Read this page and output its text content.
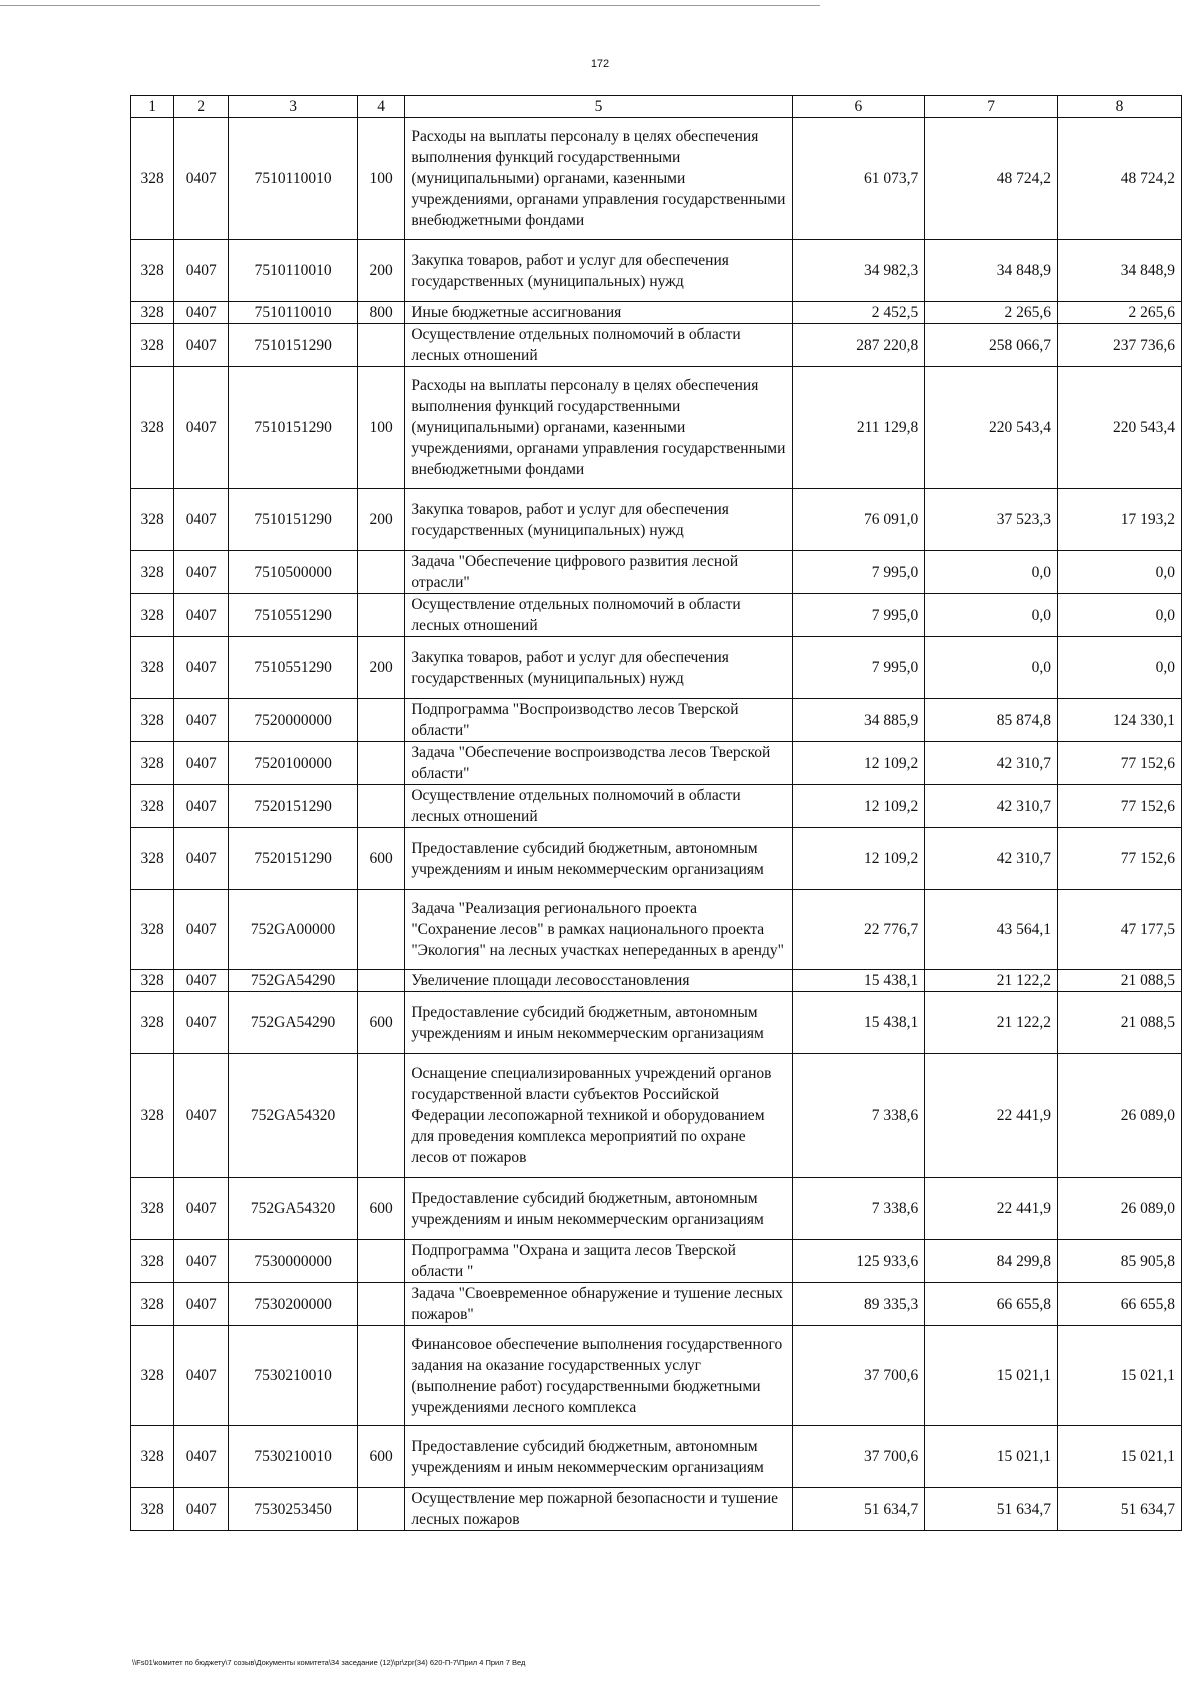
172
1	2	3	4	5	6	7	8
328	0407	7510110010	100	Расходы на выплаты персоналу в целях обеспечения выполнения функций государственными (муниципальными) органами, казенными учреждениями, органами управления государственными внебюджетными фондами	61 073,7	48 724,2	48 724,2
328	0407	7510110010	200	Закупка товаров, работ и услуг для обеспечения государственных (муниципальных) нужд	34 982,3	34 848,9	34 848,9
328	0407	7510110010	800	Иные бюджетные ассигнования	2 452,5	2 265,6	2 265,6
328	0407	7510151290		Осуществление отдельных полномочий в области лесных отношений	287 220,8	258 066,7	237 736,6
328	0407	7510151290	100	Расходы на выплаты персоналу в целях обеспечения выполнения функций государственными (муниципальными) органами, казенными учреждениями, органами управления государственными внебюджетными фондами	211 129,8	220 543,4	220 543,4
328	0407	7510151290	200	Закупка товаров, работ и услуг для обеспечения государственных (муниципальных) нужд	76 091,0	37 523,3	17 193,2
328	0407	7510500000		Задача "Обеспечение цифрового развития лесной отрасли"	7 995,0	0,0	0,0
328	0407	7510551290		Осуществление отдельных полномочий в области лесных отношений	7 995,0	0,0	0,0
328	0407	7510551290	200	Закупка товаров, работ и услуг для обеспечения государственных (муниципальных) нужд	7 995,0	0,0	0,0
328	0407	7520000000		Подпрограмма "Воспроизводство лесов Тверской области"	34 885,9	85 874,8	124 330,1
328	0407	7520100000		Задача "Обеспечение воспроизводства лесов Тверской области"	12 109,2	42 310,7	77 152,6
328	0407	7520151290		Осуществление отдельных полномочий в области лесных отношений	12 109,2	42 310,7	77 152,6
328	0407	7520151290	600	Предоставление субсидий бюджетным, автономным учреждениям и иным некоммерческим организациям	12 109,2	42 310,7	77 152,6
328	0407	752GA00000		Задача "Реализация регионального проекта "Сохранение лесов" в рамках национального проекта "Экология" на лесных участках непереданных в аренду"	22 776,7	43 564,1	47 177,5
328	0407	752GA54290		Увеличение площади лесовосстановления	15 438,1	21 122,2	21 088,5
328	0407	752GA54290	600	Предоставление субсидий бюджетным, автономным учреждениям и иным некоммерческим организациям	15 438,1	21 122,2	21 088,5
328	0407	752GA54320		Оснащение специализированных учреждений органов государственной власти субъектов Российской Федерации лесопожарной техникой и оборудованием для проведения комплекса мероприятий по охране лесов от пожаров	7 338,6	22 441,9	26 089,0
328	0407	752GA54320	600	Предоставление субсидий бюджетным, автономным учреждениям и иным некоммерческим организациям	7 338,6	22 441,9	26 089,0
328	0407	7530000000		Подпрограмма "Охрана и защита лесов Тверской области "	125 933,6	84 299,8	85 905,8
328	0407	7530200000		Задача "Своевременное обнаружение и тушение лесных пожаров"	89 335,3	66 655,8	66 655,8
328	0407	7530210010		Финансовое обеспечение выполнения государственного задания на оказание государственных услуг (выполнение работ) государственными бюджетными учреждениями лесного комплекса	37 700,6	15 021,1	15 021,1
328	0407	7530210010	600	Предоставление субсидий бюджетным, автономным учреждениям и иным некоммерческим организациям	37 700,6	15 021,1	15 021,1
328	0407	7530253450		Осуществление мер пожарной безопасности и тушение лесных пожаров	51 634,7	51 634,7	51 634,7
\\Fs01\комитет по бюджету\7 созыв\Документы комитета\34 заседание (12)\pr\zpr(34) 620-П-7\Прил 4 Прил 7 Вед
